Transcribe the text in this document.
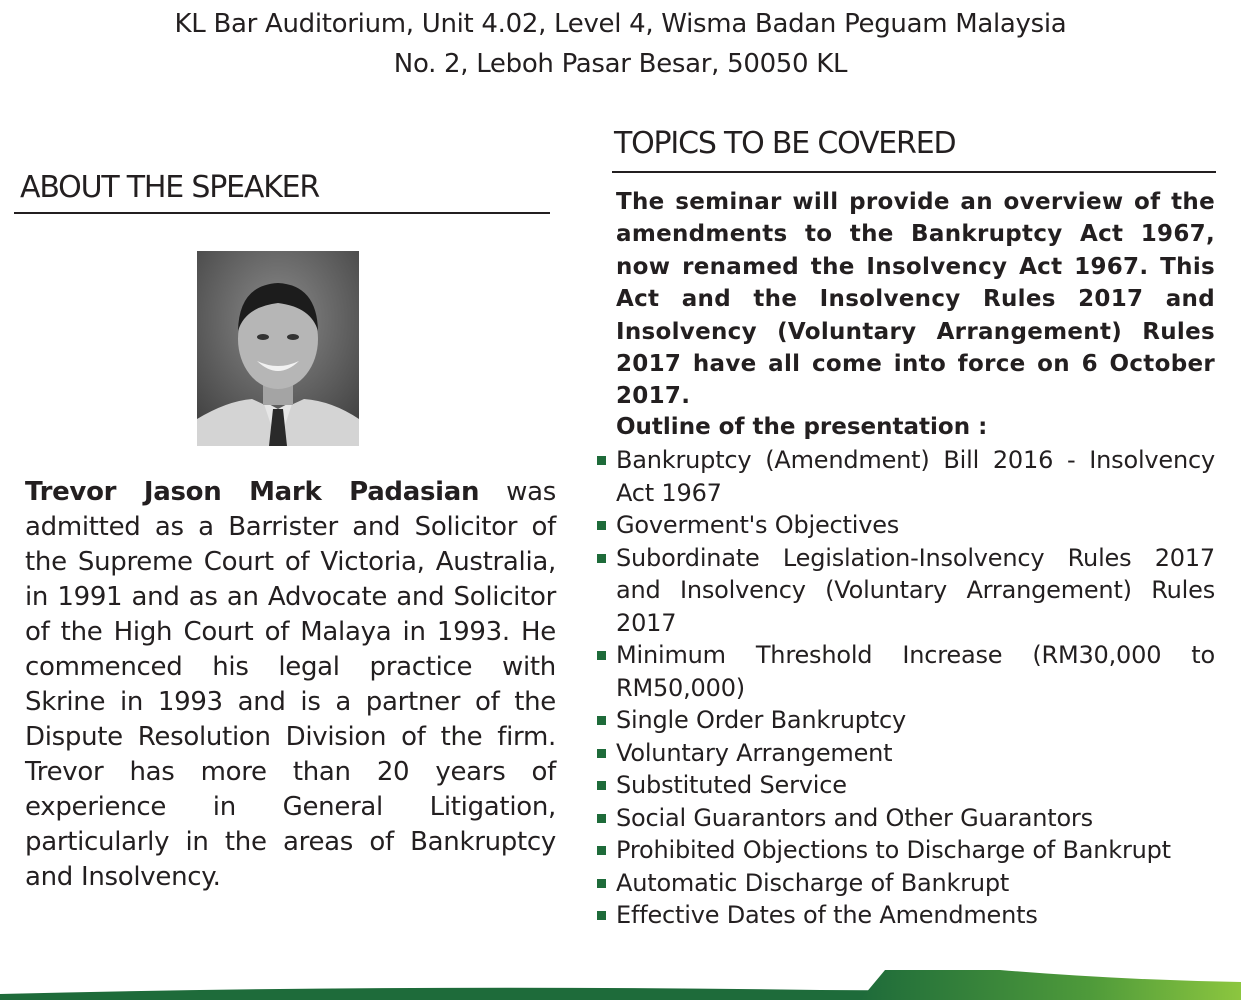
KL Bar Auditorium, Unit 4.02, Level 4, Wisma Badan Peguam Malaysia
No. 2, Leboh Pasar Besar, 50050 KL
ABOUT THE SPEAKER
TOPICS TO BE COVERED
Trevor Jason Mark Padasian was admitted as a Barrister and Solicitor of the Supreme Court of Victoria, Australia, in 1991 and as an Advocate and Solicitor of the High Court of Malaya in 1993. He commenced his legal practice with Skrine in 1993 and is a partner of the Dispute Resolution Division of the firm. Trevor has more than 20 years of experience in General Litigation, particularly in the areas of Bankruptcy and Insolvency.
The seminar will provide an overview of the amendments to the Bankruptcy Act 1967, now renamed the Insolvency Act 1967. This Act and the Insolvency Rules 2017 and Insolvency (Voluntary Arrangement) Rules 2017 have all come into force on 6 October 2017.
Outline of the presentation :
Bankruptcy (Amendment) Bill 2016 - Insolvency Act 1967
Goverment's Objectives
Subordinate Legislation-Insolvency Rules 2017 and Insolvency (Voluntary Arrangement) Rules 2017
Minimum Threshold Increase (RM30,000 to RM50,000)
Single Order Bankruptcy
Voluntary Arrangement
Substituted Service
Social Guarantors and Other Guarantors
Prohibited Objections to Discharge of Bankrupt
Automatic Discharge of Bankrupt
Effective Dates of the Amendments
